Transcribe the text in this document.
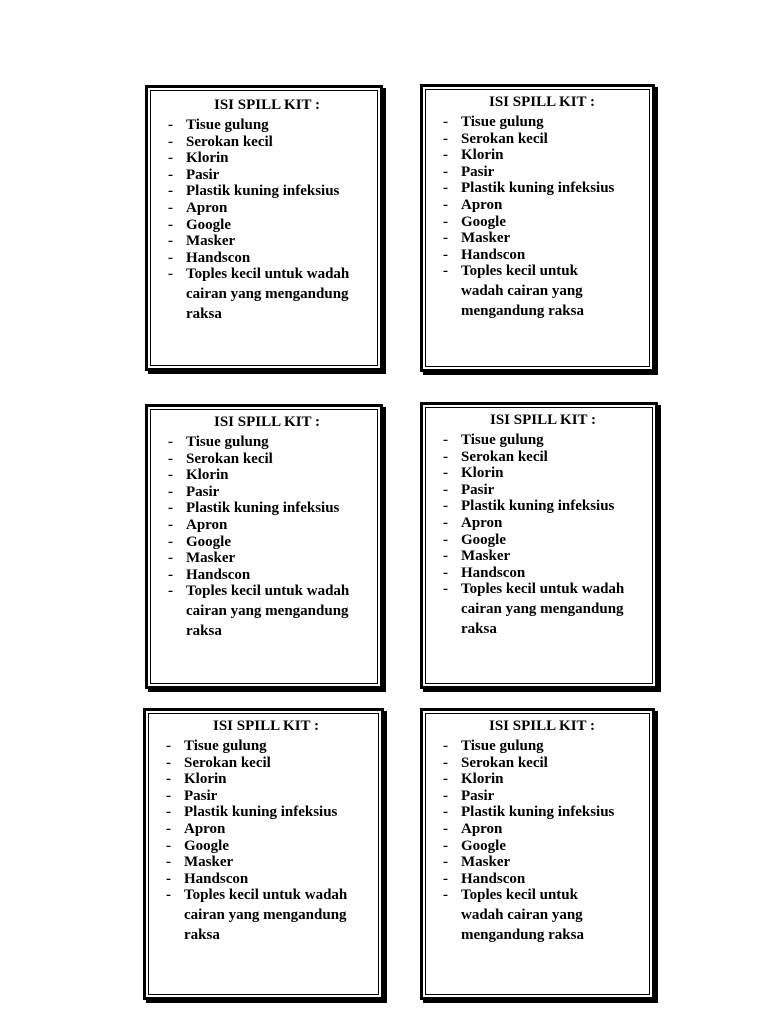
ISI SPILL KIT :
- Tisue gulung
- Serokan kecil
- Klorin
- Pasir
- Plastik kuning infeksius
- Apron
- Google
- Masker
- Handscon
- Toples kecil untuk wadah
cairan yang mengandung
raksa
ISI SPILL KIT :
- Tisue gulung
- Serokan kecil
- Klorin
- Pasir
- Plastik kuning infeksius
- Apron
- Google
- Masker
- Handscon
- Toples kecil untuk
wadah cairan yang
mengandung raksa
ISI SPILL KIT :
- Tisue gulung
- Serokan kecil
- Klorin
- Pasir
- Plastik kuning infeksius
- Apron
- Google
- Masker
- Handscon
- Toples kecil untuk wadah
cairan yang mengandung
raksa
ISI SPILL KIT :
- Tisue gulung
- Serokan kecil
- Klorin
- Pasir
- Plastik kuning infeksius
- Apron
- Google
- Masker
- Handscon
- Toples kecil untuk wadah
cairan yang mengandung
raksa
ISI SPILL KIT :
- Tisue gulung
- Serokan kecil
- Klorin
- Pasir
- Plastik kuning infeksius
- Apron
- Google
- Masker
- Handscon
- Toples kecil untuk wadah
cairan yang mengandung
raksa
ISI SPILL KIT :
- Tisue gulung
- Serokan kecil
- Klorin
- Pasir
- Plastik kuning infeksius
- Apron
- Google
- Masker
- Handscon
- Toples kecil untuk
wadah cairan yang
mengandung raksa
